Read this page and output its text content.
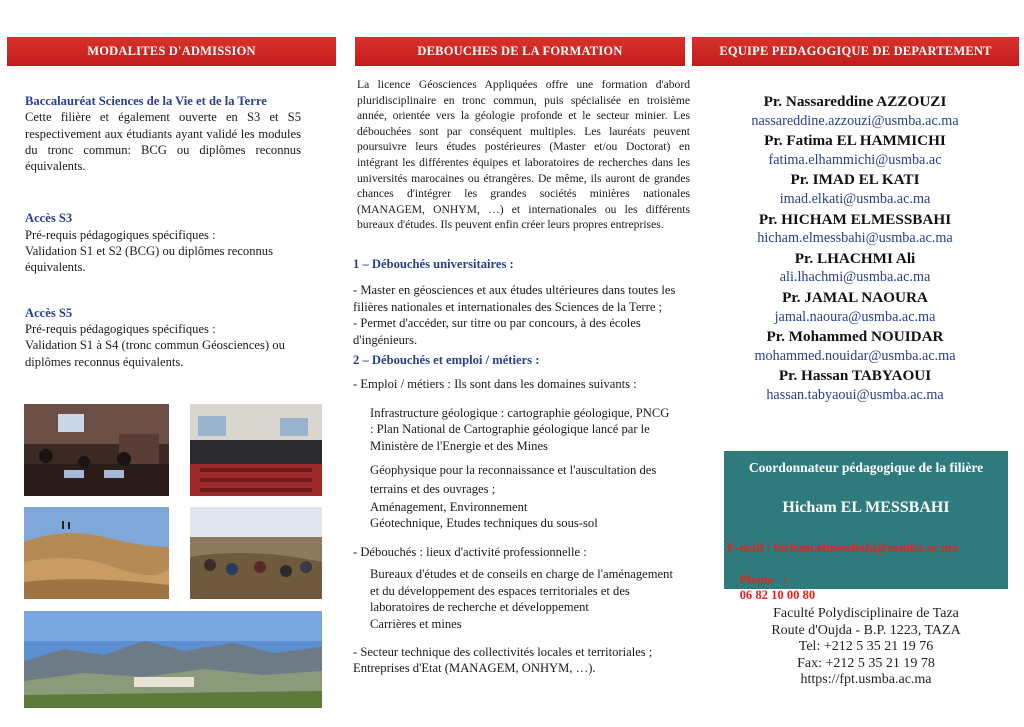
MODALITES D'ADMISSION	DEBOUCHES DE LA FORMATION	EQUIPE PEDAGOGIQUE DE DEPARTEMENT

Baccalauréat Sciences de la Vie et de la Terre

Cette filière et également ouverte en S3 et S5 respectivement aux étudiants ayant validé les modules du tronc commun: BCG ou diplômes reconnus équivalents.

Accès S3

Pré-requis pédagogiques spécifiques :

Validation S1 et S2 (BCG) ou diplômes reconnus équivalents.

Accès S5

Pré-requis pédagogiques spécifiques :

Validation S1 à S4 (tronc commun Géosciences) ou diplômes reconnus équivalents.

La licence Géosciences Appliquées offre une formation d'abord pluridisciplinaire en tronc commun, puis spécialisée en troisième année, orientée vers la géologie profonde et le secteur minier. Les débouchées sont par conséquent multiples. Les lauréats peuvent poursuivre leurs études postérieures (Master et/ou Doctorat) en intégrant les différentes équipes et laboratoires de recherches dans les universités marocaines ou étrangères. De même, ils auront de grandes chances d'intégrer les grandes sociétés minières nationales (MANAGEM, ONHYM, …) et internationales ou les différents bureaux d'études. Ils peuvent enfin créer leurs propres entreprises.

1 – Débouchés universitaires :

- Master en géosciences et aux études ultérieures dans toutes les filières nationales et internationales des Sciences de la Terre ;

- Permet d'accéder, sur titre ou par concours, à des écoles d'ingénieurs.

2 – Débouchés et emploi / métiers :

- Emploi / métiers : Ils sont dans les domaines suivants :

Infrastructure géologique : cartographie géologique, PNCG : Plan National de Cartographie géologique lancé par le Ministère de l'Energie et des Mines

Géophysique pour la reconnaissance et l'auscultation des terrains et des ouvrages ;

Aménagement, Environnement

Géotechnique, Etudes techniques du sous-sol

- Débouchés : lieux d'activité professionnelle :

Bureaux d'études et de conseils en charge de l'aménagement et du développement des espaces territoriales et des laboratoires de recherche et développement

Carrières et mines

- Secteur technique des collectivités locales et territoriales ; Entreprises d'Etat (MANAGEM, ONHYM, …).

Pr. Nassareddine AZZOUZI
nassareddine.azzouzi@usmba.ac.ma
Pr. Fatima EL HAMMICHI
fatima.elhammichi@usmba.ac
Pr. IMAD EL KATI
imad.elkati@usmba.ac.ma
Pr. HICHAM ELMESSBAHI
hicham.elmessbahi@usmba.ac.ma
Pr. LHACHMI Ali
ali.lhachmi@usmba.ac.ma
Pr. JAMAL NAOURA
jamal.naoura@usmba.ac.ma
Pr. Mohammed NOUIDAR
mohammed.nouidar@usmba.ac.ma
Pr. Hassan TABYAOUI
hassan.tabyaoui@usmba.ac.ma
Coordonnateur pédagogique de la filière
Hicham EL MESSBAHI
E-mail : hicham.elmessbahi@usmba.ac.ma

Phone   :
06 82 10 00 80

Faculté Polydisciplinaire de Taza
Route d'Oujda - B.P. 1223, TAZA
Tel: +212 5 35 21 19 76
Fax: +212 5 35 21 19 78
https://fpt.usmba.ac.ma
